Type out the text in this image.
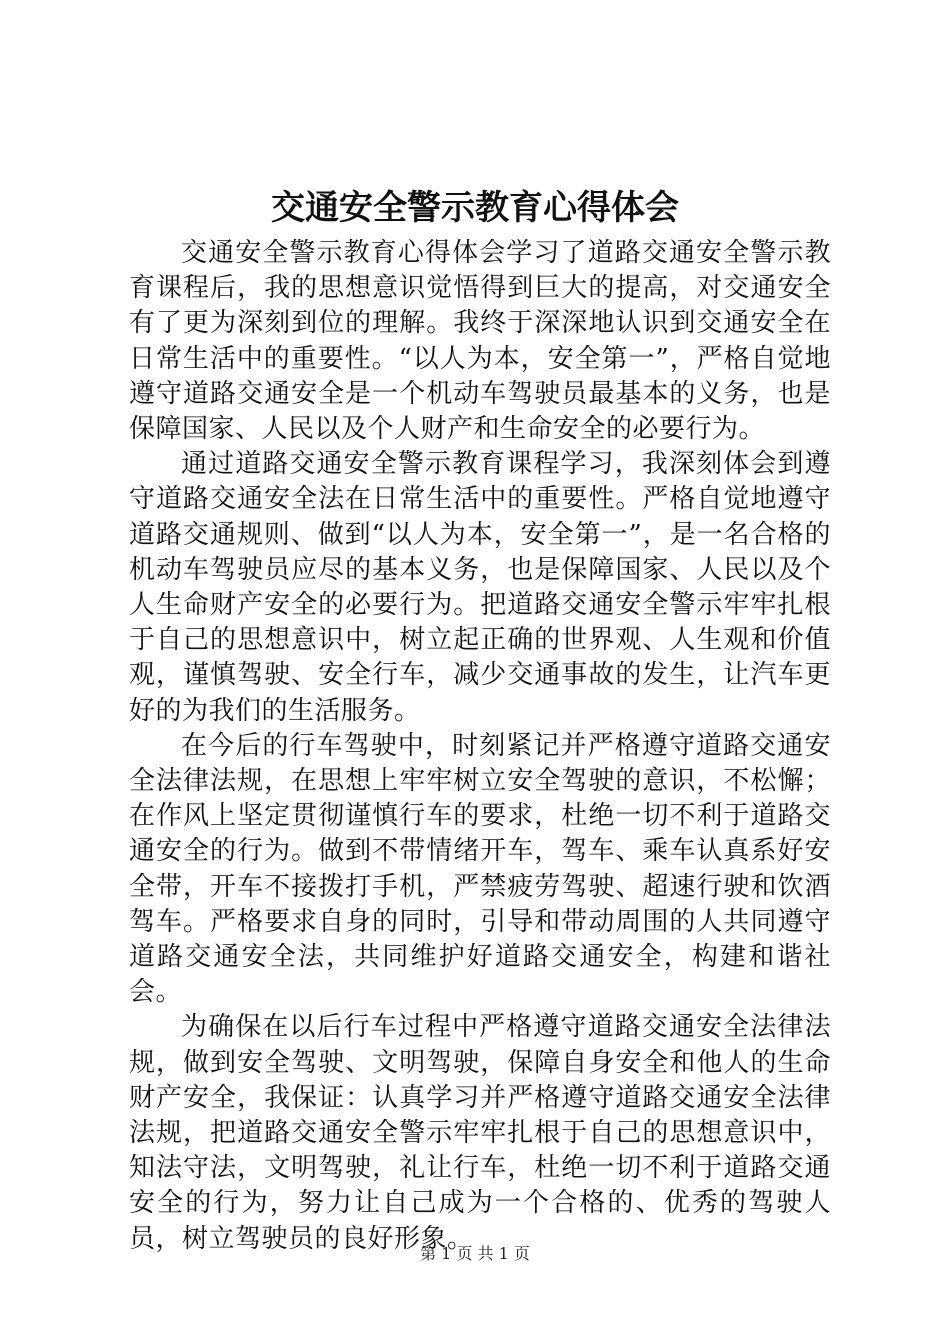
交通安全警示教育心得体会

交通安全警示教育心得体会学习了道路交通安全警示教育课程后，我的思想意识觉悟得到巨大的提高，对交通安全有了更为深刻到位的理解。我终于深深地认识到交通安全在日常生活中的重要性。“以人为本，安全第一”，严格自觉地遵守道路交通安全是一个机动车驾驶员最基本的义务，也是保障国家、人民以及个人财产和生命安全的必要行为。

通过道路交通安全警示教育课程学习，我深刻体会到遵守道路交通安全法在日常生活中的重要性。严格自觉地遵守道路交通规则、做到“以人为本，安全第一”，是一名合格的机动车驾驶员应尽的基本义务，也是保障国家、人民以及个人生命财产安全的必要行为。把道路交通安全警示牢牢扎根于自己的思想意识中，树立起正确的世界观、人生观和价值观，谨慎驾驶、安全行车，减少交通事故的发生，让汽车更好的为我们的生活服务。

在今后的行车驾驶中，时刻紧记并严格遵守道路交通安全法律法规，在思想上牢牢树立安全驾驶的意识，不松懈；在作风上坚定贯彻谨慎行车的要求，杜绝一切不利于道路交通安全的行为。做到不带情绪开车，驾车、乘车认真系好安全带，开车不接拨打手机，严禁疲劳驾驶、超速行驶和饮酒驾车。严格要求自身的同时，引导和带动周围的人共同遵守道路交通安全法，共同维护好道路交通安全，构建和谐社会。

为确保在以后行车过程中严格遵守道路交通安全法律法规，做到安全驾驶、文明驾驶，保障自身安全和他人的生命财产安全，我保证：认真学习并严格遵守道路交通安全法律法规，把道路交通安全警示牢牢扎根于自己的思想意识中，知法守法，文明驾驶，礼让行车，杜绝一切不利于道路交通安全的行为，努力让自己成为一个合格的、优秀的驾驶人员，树立驾驶员的良好形象。

第 1 页 共 1 页
